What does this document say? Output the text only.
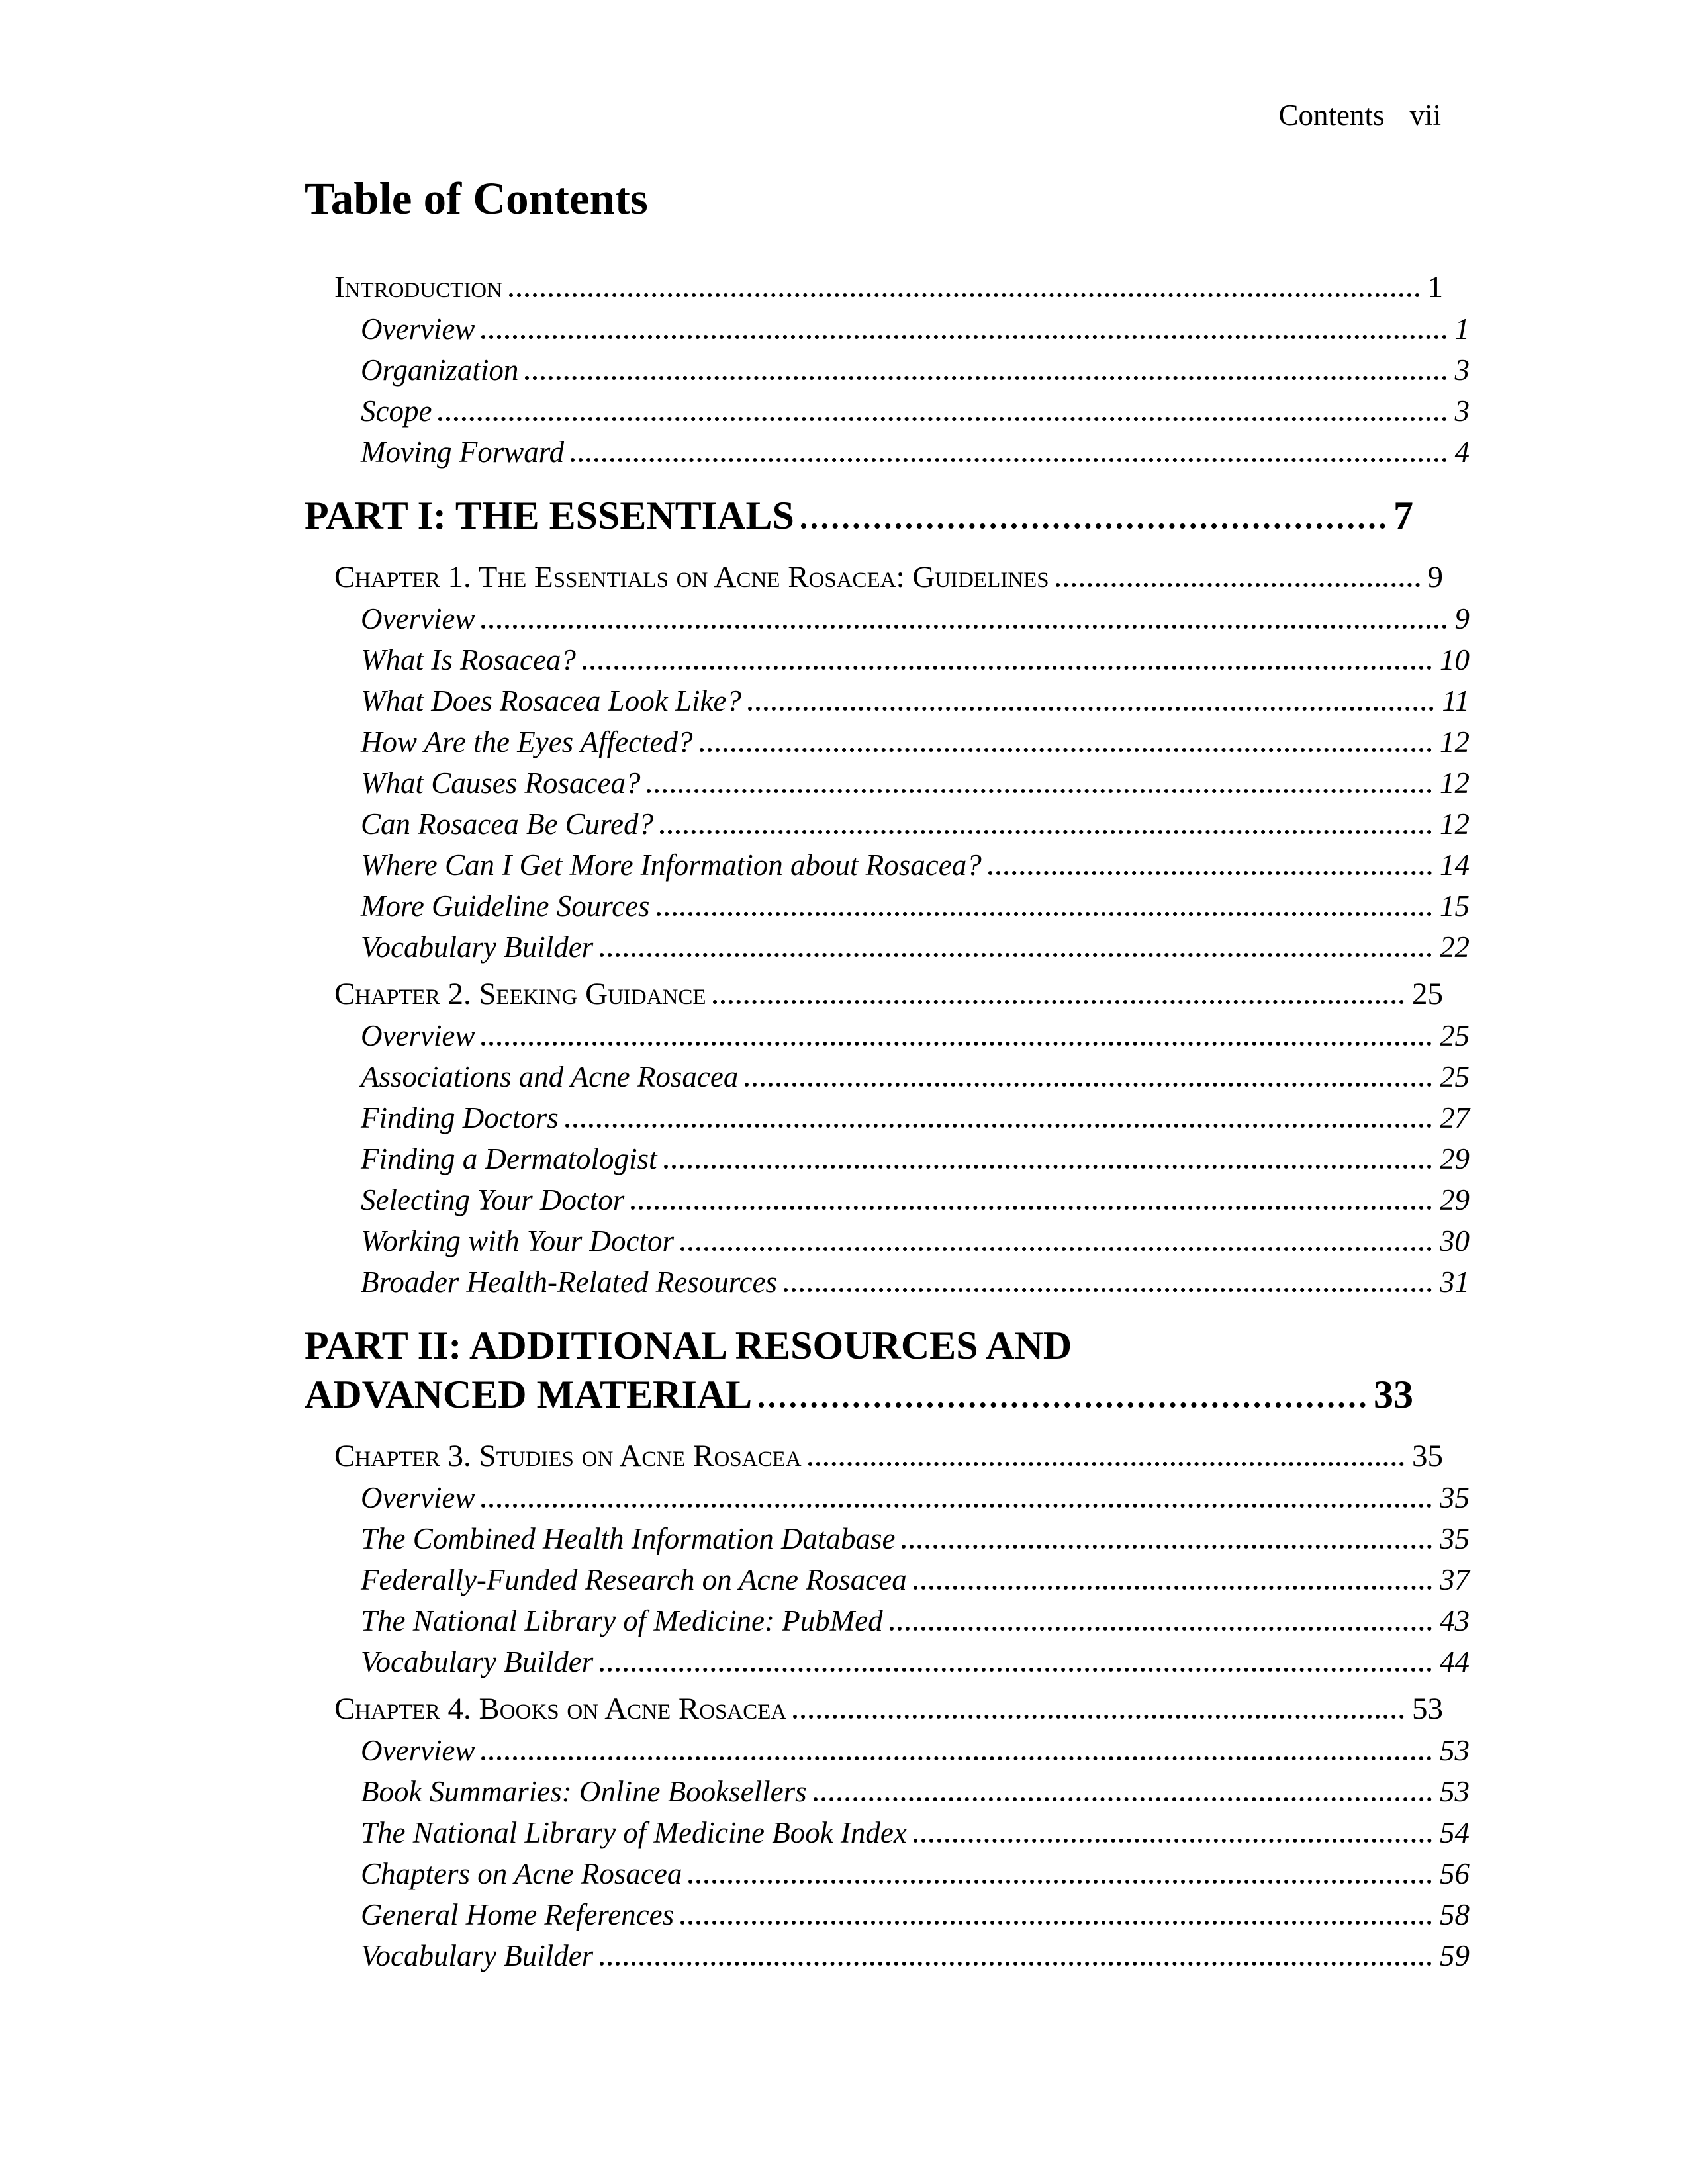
Contents vii
Table of Contents
Introduction	1
Overview	1
Organization	3
Scope	3
Moving Forward	4
PART I: THE ESSENTIALS	7
Chapter 1. The Essentials on Acne Rosacea: Guidelines	9
Overview	9
What Is Rosacea?	10
What Does Rosacea Look Like?	11
How Are the Eyes Affected?	12
What Causes Rosacea?	12
Can Rosacea Be Cured?	12
Where Can I Get More Information about Rosacea?	14
More Guideline Sources	15
Vocabulary Builder	22
Chapter 2. Seeking Guidance	25
Overview	25
Associations and Acne Rosacea	25
Finding Doctors	27
Finding a Dermatologist	29
Selecting Your Doctor	29
Working with Your Doctor	30
Broader Health-Related Resources	31
PART II: ADDITIONAL RESOURCES AND
ADVANCED MATERIAL	33
Chapter 3. Studies on Acne Rosacea	35
Overview	35
The Combined Health Information Database	35
Federally-Funded Research on Acne Rosacea	37
The National Library of Medicine: PubMed	43
Vocabulary Builder	44
Chapter 4. Books on Acne Rosacea	53
Overview	53
Book Summaries: Online Booksellers	53
The National Library of Medicine Book Index	54
Chapters on Acne Rosacea	56
General Home References	58
Vocabulary Builder	59
